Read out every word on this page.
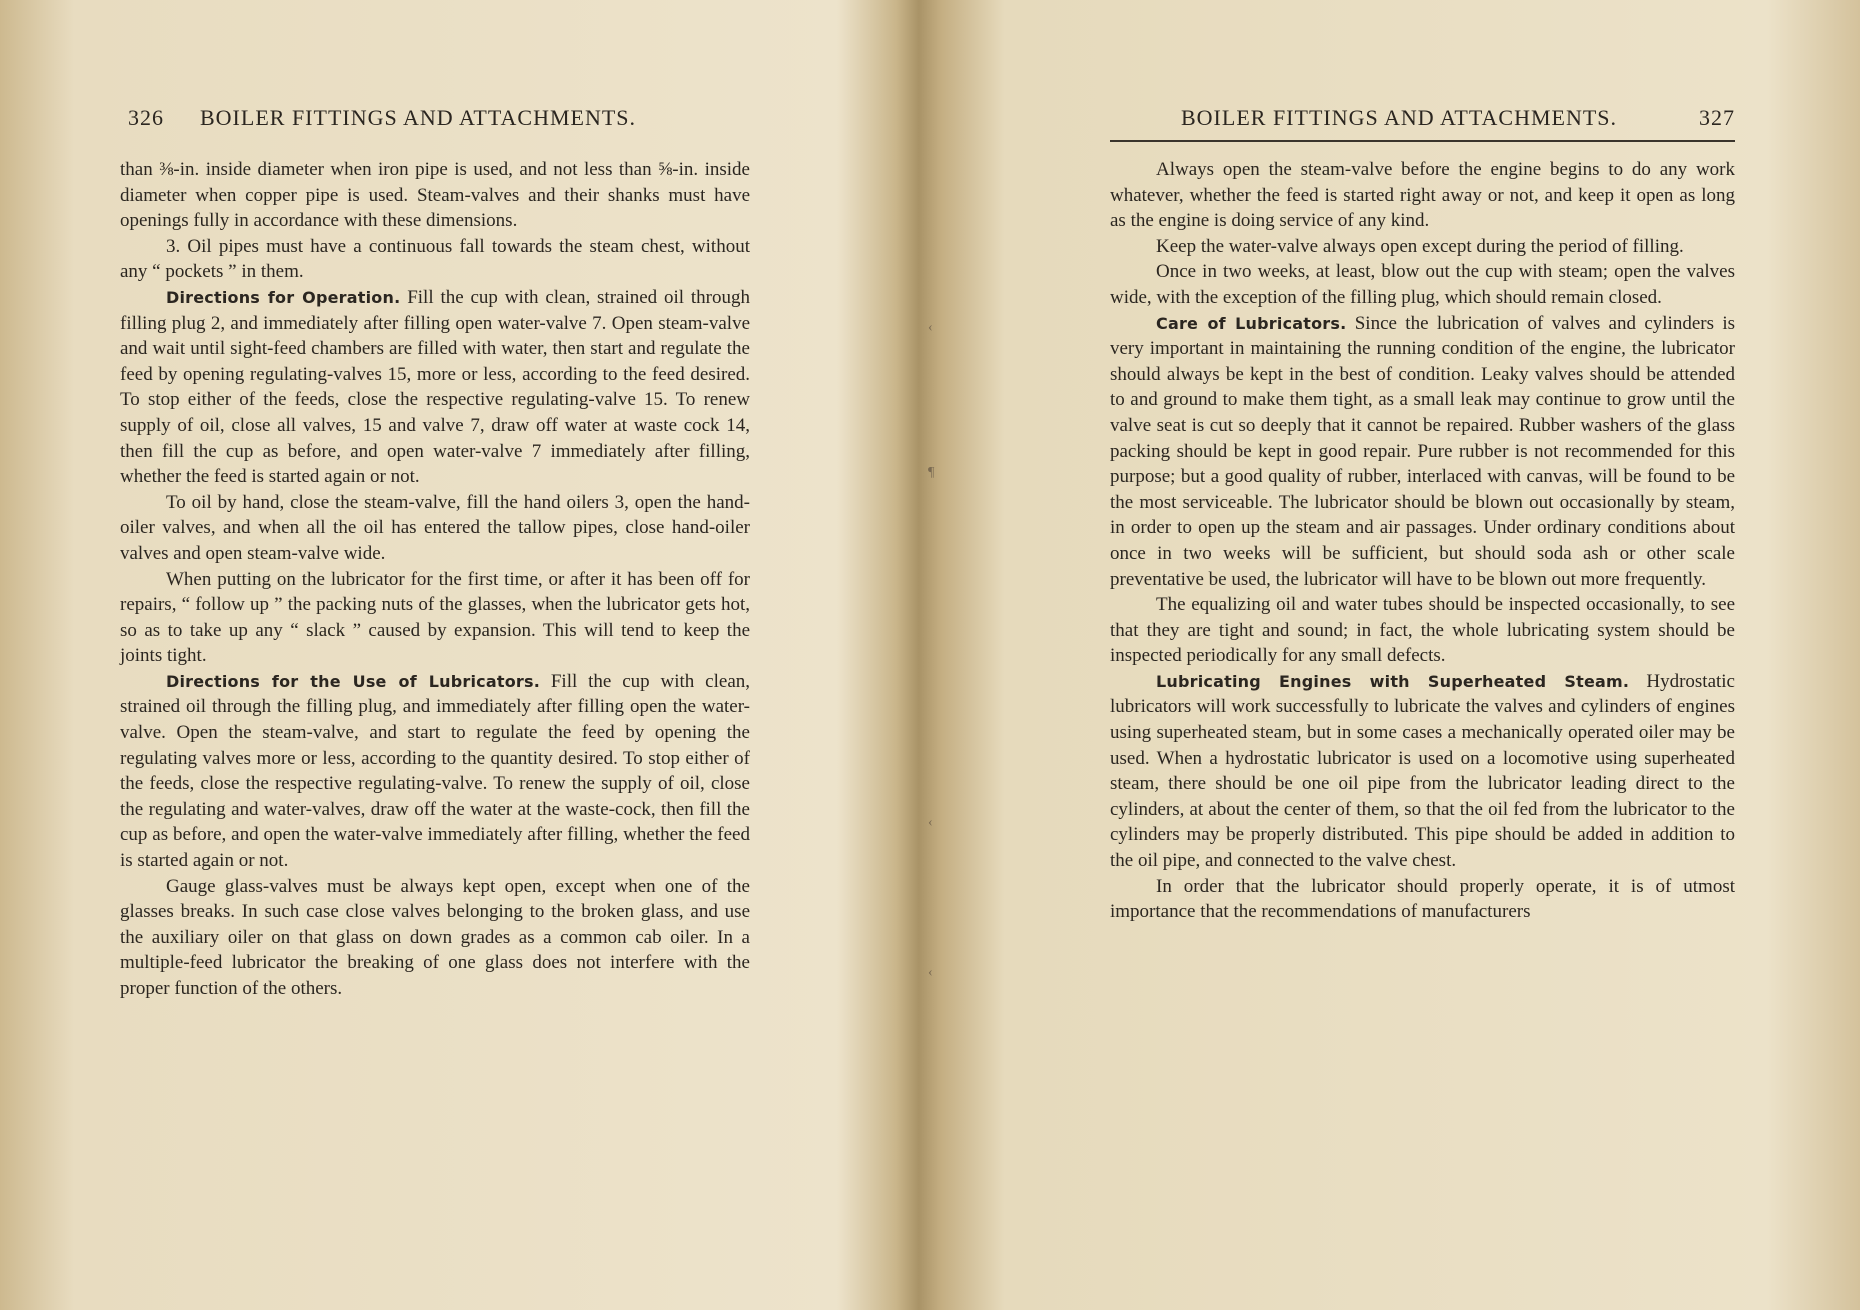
326 BOILER FITTINGS AND ATTACHMENTS.

than ⅜-in. inside diameter when iron pipe is used, and not less than ⅝-in. inside diameter when copper pipe is used. Steam-valves and their shanks must have openings fully in accordance with these dimensions.

3. Oil pipes must have a continuous fall towards the steam chest, without any “ pockets ” in them.

Directions for Operation. Fill the cup with clean, strained oil through filling plug 2, and immediately after filling open water-valve 7. Open steam-valve and wait until sight-feed chambers are filled with water, then start and regulate the feed by opening regulating-valves 15, more or less, according to the feed desired. To stop either of the feeds, close the respective regulating-valve 15. To renew supply of oil, close all valves, 15 and valve 7, draw off water at waste cock 14, then fill the cup as before, and open water-valve 7 immediately after filling, whether the feed is started again or not.

To oil by hand, close the steam-valve, fill the hand oilers 3, open the hand-oiler valves, and when all the oil has entered the tallow pipes, close hand-oiler valves and open steam-valve wide.

When putting on the lubricator for the first time, or after it has been off for repairs, “ follow up ” the packing nuts of the glasses, when the lubricator gets hot, so as to take up any “ slack ” caused by expansion. This will tend to keep the joints tight.

Directions for the Use of Lubricators. Fill the cup with clean, strained oil through the filling plug, and immediately after filling open the water-valve. Open the steam-valve, and start to regulate the feed by opening the regulating valves more or less, according to the quantity desired. To stop either of the feeds, close the respective regulating-valve. To renew the supply of oil, close the regulating and water-valves, draw off the water at the waste-cock, then fill the cup as before, and open the water-valve immediately after filling, whether the feed is started again or not.

Gauge glass-valves must be always kept open, except when one of the glasses breaks. In such case close valves belonging to the broken glass, and use the auxiliary oiler on that glass on down grades as a common cab oiler. In a multiple-feed lubricator the breaking of one glass does not interfere with the proper function of the others.

BOILER FITTINGS AND ATTACHMENTS.	327

Always open the steam-valve before the engine begins to do any work whatever, whether the feed is started right away or not, and keep it open as long as the engine is doing service of any kind.

Keep the water-valve always open except during the period of filling.

Once in two weeks, at least, blow out the cup with steam; open the valves wide, with the exception of the filling plug, which should remain closed.

Care of Lubricators. Since the lubrication of valves and cylinders is very important in maintaining the running condition of the engine, the lubricator should always be kept in the best of condition. Leaky valves should be attended to and ground to make them tight, as a small leak may continue to grow until the valve seat is cut so deeply that it cannot be repaired. Rubber washers of the glass packing should be kept in good repair. Pure rubber is not recommended for this purpose; but a good quality of rubber, interlaced with canvas, will be found to be the most serviceable. The lubricator should be blown out occasionally by steam, in order to open up the steam and air passages. Under ordinary conditions about once in two weeks will be sufficient, but should soda ash or other scale preventative be used, the lubricator will have to be blown out more frequently.

The equalizing oil and water tubes should be inspected occasionally, to see that they are tight and sound; in fact, the whole lubricating system should be inspected periodically for any small defects.

Lubricating Engines with Superheated Steam. Hydrostatic lubricators will work successfully to lubricate the valves and cylinders of engines using superheated steam, but in some cases a mechanically operated oiler may be used. When a hydrostatic lubricator is used on a locomotive using superheated steam, there should be one oil pipe from the lubricator leading direct to the cylinders, at about the center of them, so that the oil fed from the lubricator to the cylinders may be properly distributed. This pipe should be added in addition to the oil pipe, and connected to the valve chest.

In order that the lubricator should properly operate, it is of utmost importance that the recommendations of manufacturers

‹
¶
‹
‹
